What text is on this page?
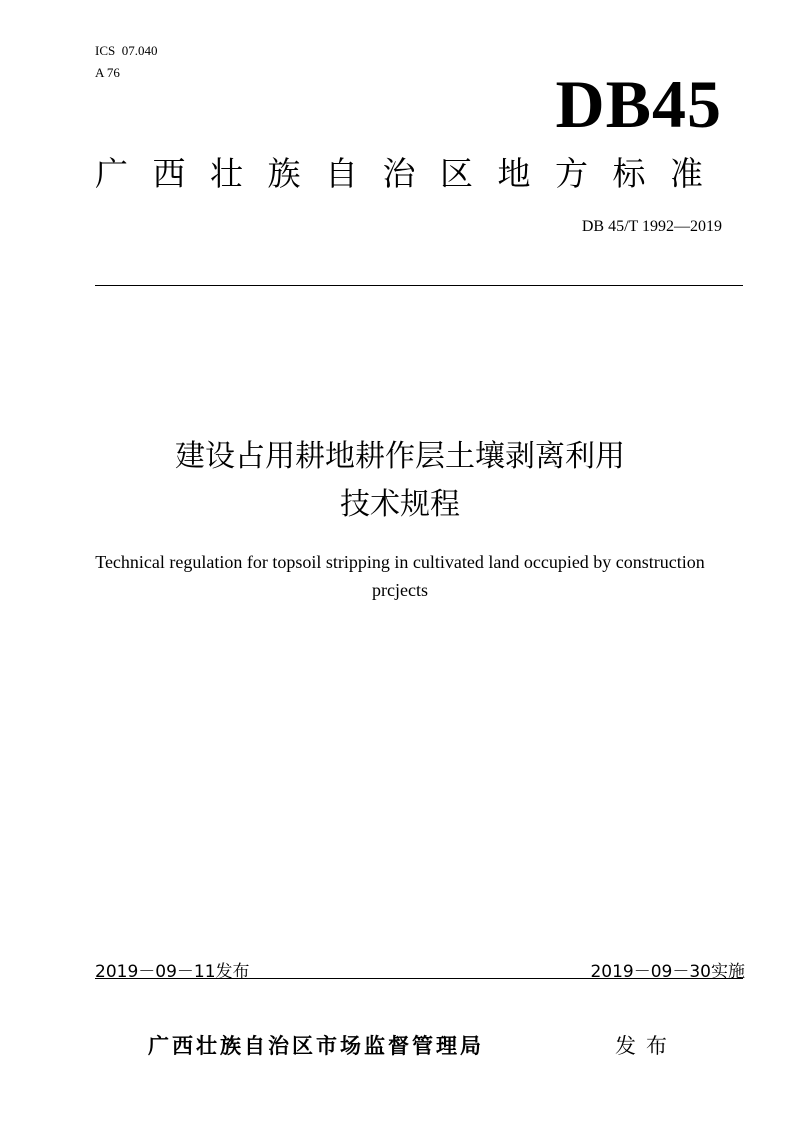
ICS  07.040
A 76	DB45
广西壮族自治区地方标准
DB 45/T 1992—2019
建设占用耕地耕作层土壤剥离利用
技术规程
Technical regulation for topsoil stripping in cultivated land occupied by construction
prcjects
2019－09－11发布	2019－09－30实施
广西壮族自治区市场监督管理局	发布
